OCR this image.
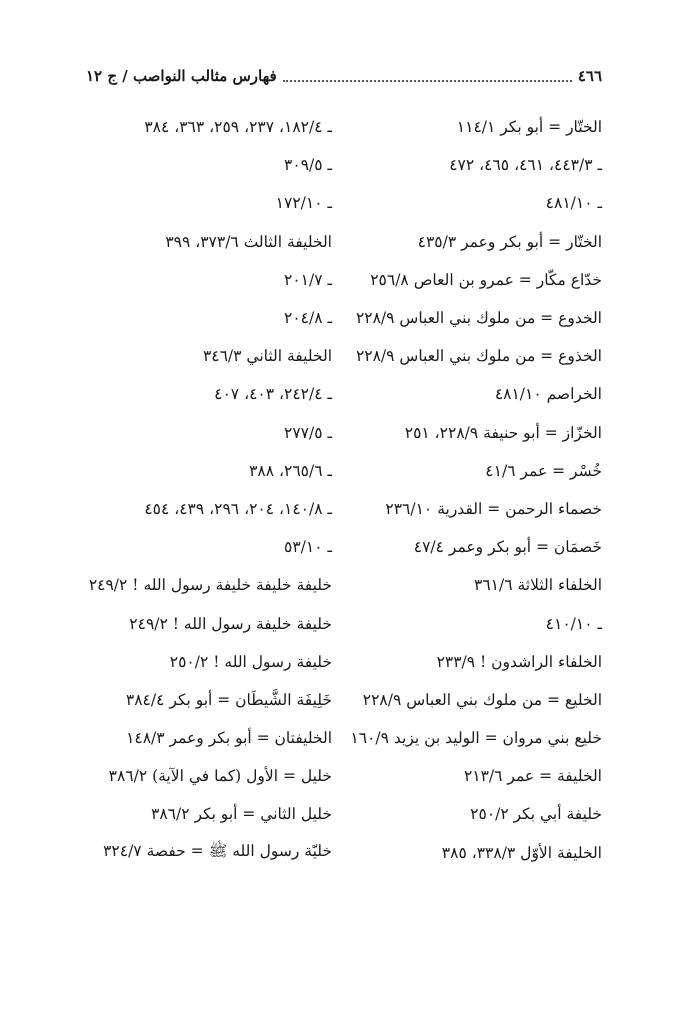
٤٦٦
فهارس مثالب النواصب / ج ١٢
الختّار = أبو بكر ١١٤/١
ـ ١٨٢/٤، ٢٣٧، ٢٥٩، ٣٦٣، ٣٨٤
ـ ٤٤٣/٣، ٤٦١، ٤٦٥، ٤٧٢
ـ ٣٠٩/٥
ـ ٤٨١/١٠
ـ ١٧٢/١٠
الختّار = أبو بكر وعمر ٤٣٥/٣
الخليفة الثالث ٣٧٣/٦، ٣٩٩
خدّاع مكّار = عمرو بن العاص ٢٥٦/٨
ـ ٢٠١/٧
الخدوع = من ملوك بني العباس ٢٢٨/٩
ـ ٢٠٤/٨
الخذوع = من ملوك بني العباس ٢٢٨/٩
الخليفة الثاني ٣٤٦/٣
الخراصم ٤٨١/١٠
ـ ٢٤٢/٤، ٤٠٣، ٤٠٧
الخزّاز = أبو حنيفة ٢٢٨/٩، ٢٥١
ـ ٢٧٧/٥
خُسْر = عمر ٤١/٦
ـ ٢٦٥/٦، ٣٨٨
خصماء الرحمن = القدرية ٢٣٦/١٠
ـ ١٤٠/٨، ٢٠٤، ٢٩٦، ٤٣٩، ٤٥٤
خَصمَان = أبو بكر وعمر ٤٧/٤
ـ ٥٣/١٠
الخلفاء الثلاثة ٣٦١/٦
خليفة خليفة خليفة رسول الله ! ٢٤٩/٢
ـ ٤١٠/١٠
خليفة خليفة رسول الله ! ٢٤٩/٢
الخلفاء الراشدون ! ٢٣٣/٩
خليفة رسول الله ! ٢٥٠/٢
الخليع = من ملوك بني العباس ٢٢٨/٩
خَلِيفَة الشَّيطَان = أبو بكر ٣٨٤/٤
خليع بني مروان = الوليد بن يزيد ١٦٠/٩
الخليفتان = أبو بكر وعمر ١٤٨/٣
الخليفة = عمر ٢١٣/٦
خليل = الأول (كما في الآية) ٣٨٦/٢
خليفة أبي بكر ٢٥٠/٢
خليل الثاني = أبو بكر ٣٨٦/٢
الخليفة الأوّل ٣٣٨/٣، ٣٨٥
خليّة رسول الله ﷺ = حفصة ٣٢٤/٧
